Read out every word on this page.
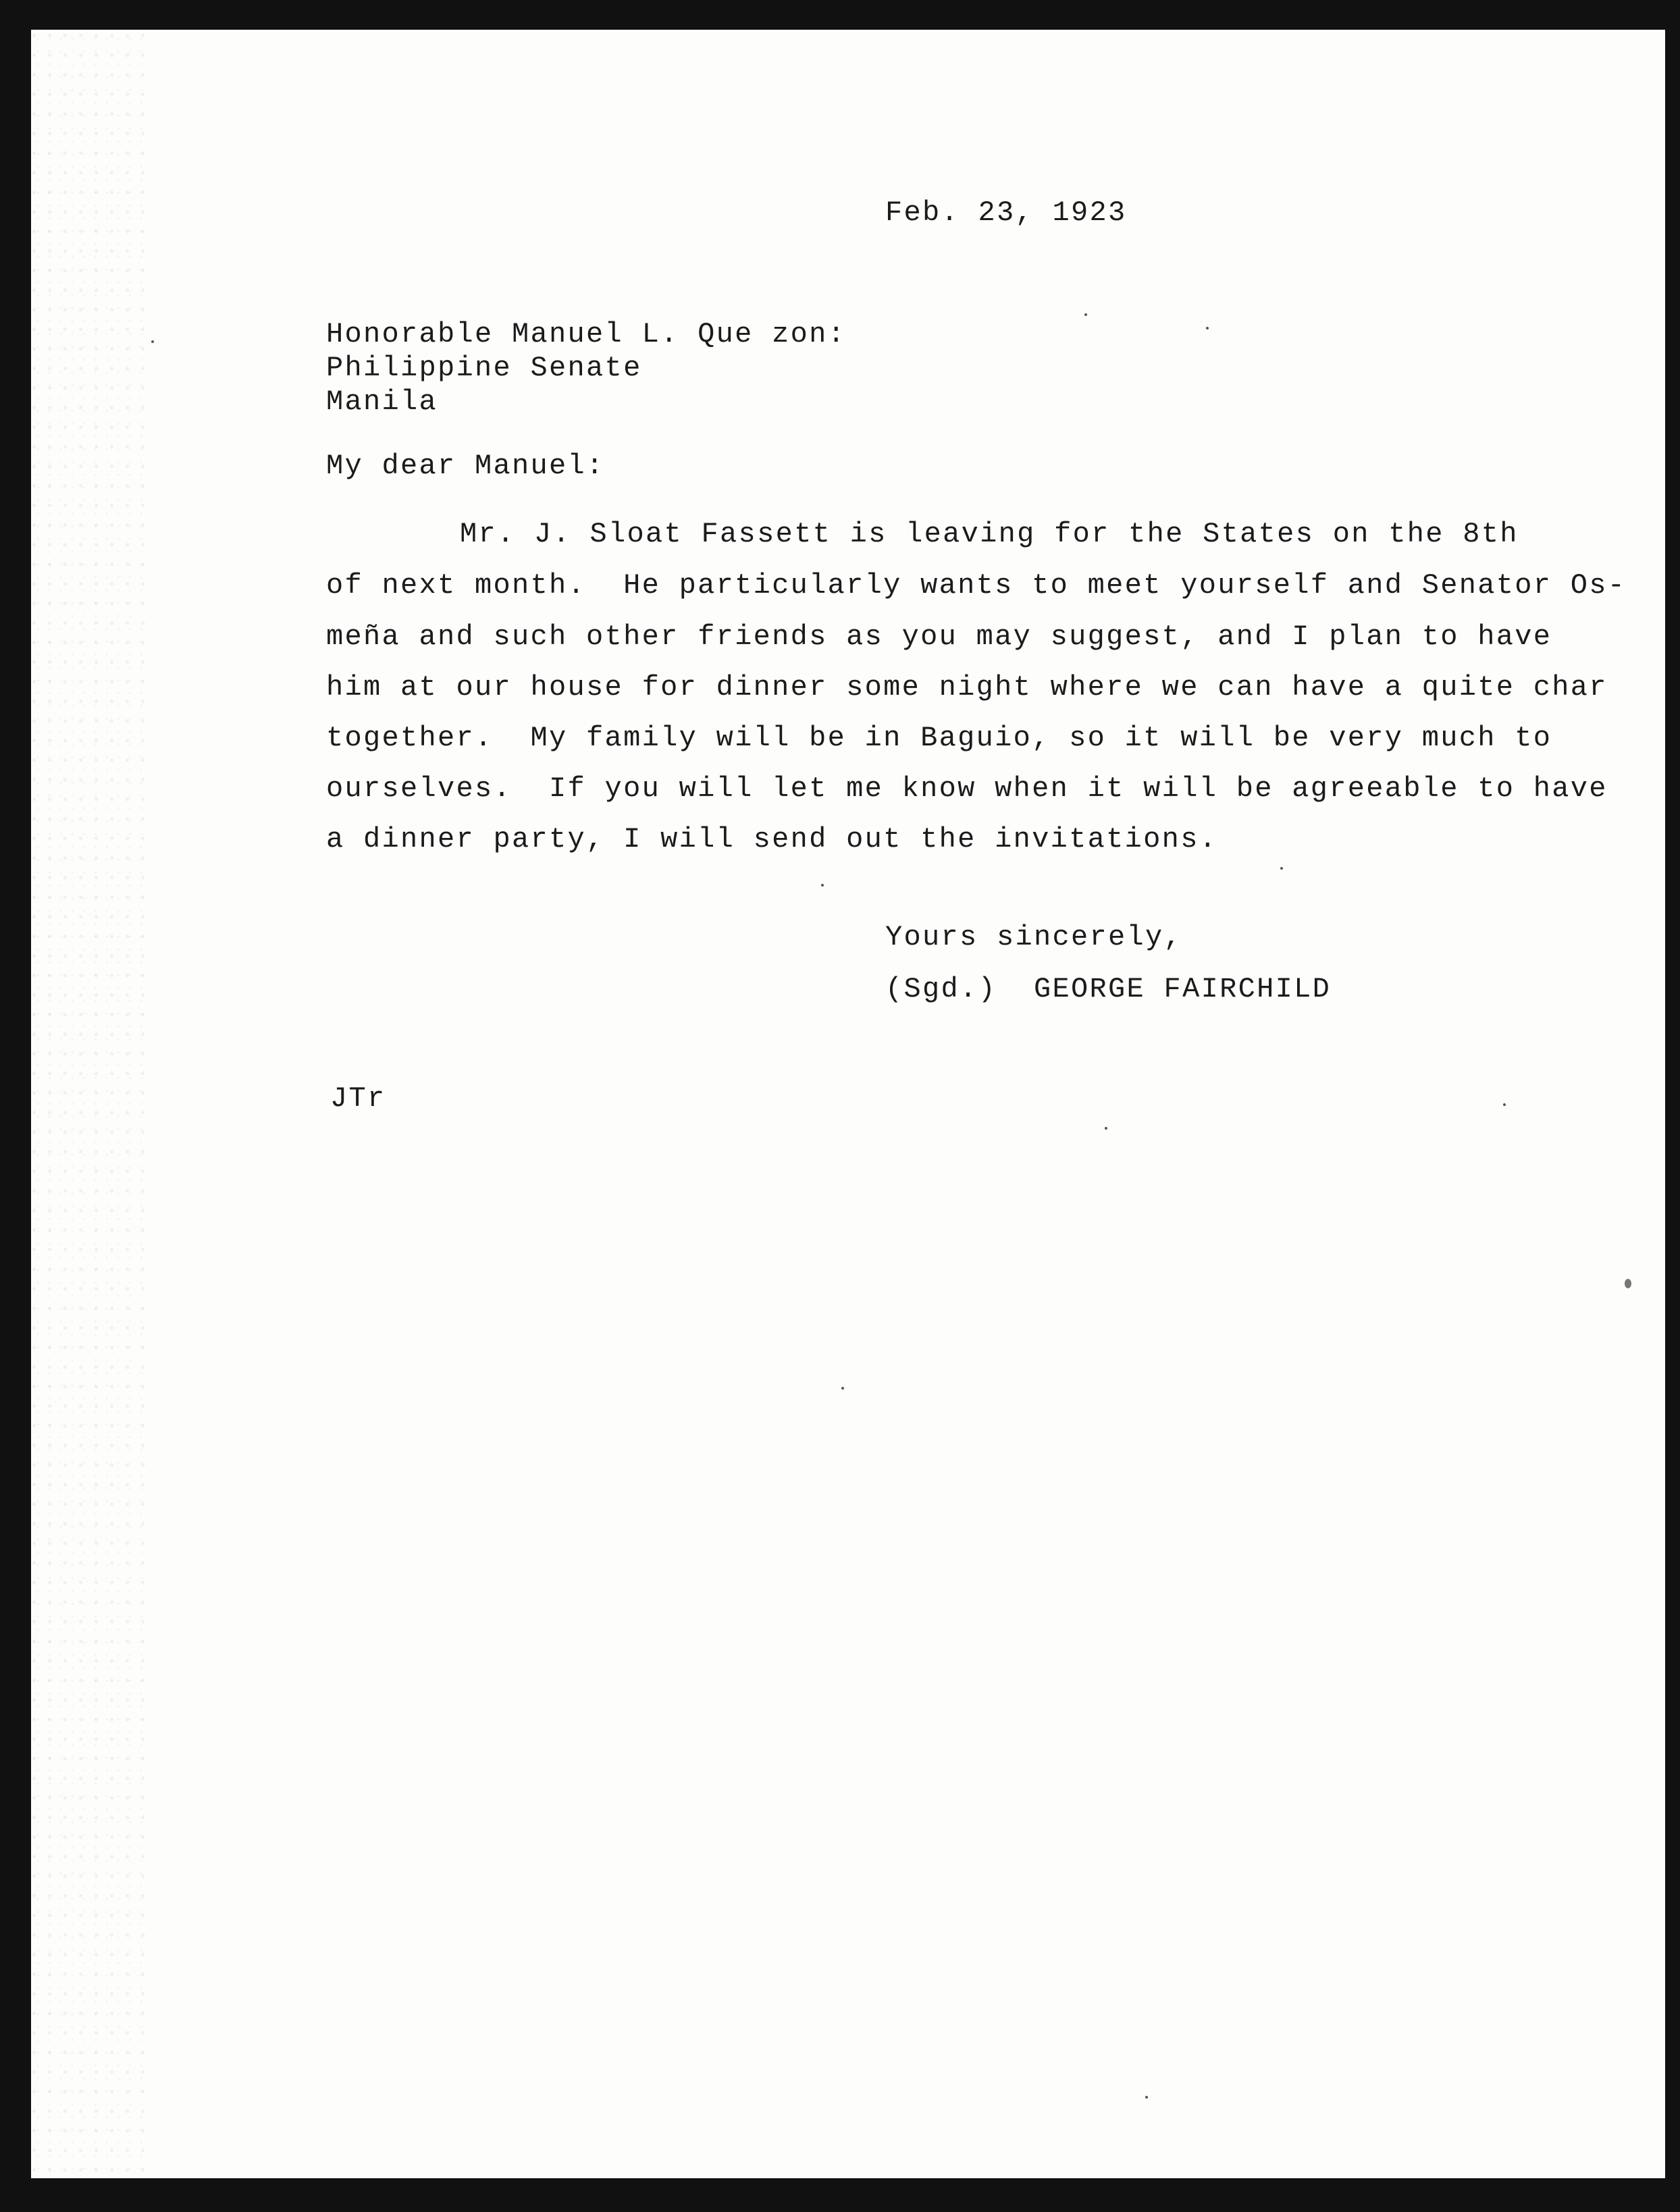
Feb. 23, 1923
Honorable Manuel L. Que zon:
Philippine Senate
Manila
My dear Manuel:
Mr. J. Sloat Fassett is leaving for the States on the 8th
of next month.  He particularly wants to meet yourself and Senator Os-
meña and such other friends as you may suggest, and I plan to have
him at our house for dinner some night where we can have a quite char
together.  My family will be in Baguio, so it will be very much to
ourselves.  If you will let me know when it will be agreeable to have
a dinner party, I will send out the invitations.
Yours sincerely,
(Sgd.)  GEORGE FAIRCHILD
JTr
